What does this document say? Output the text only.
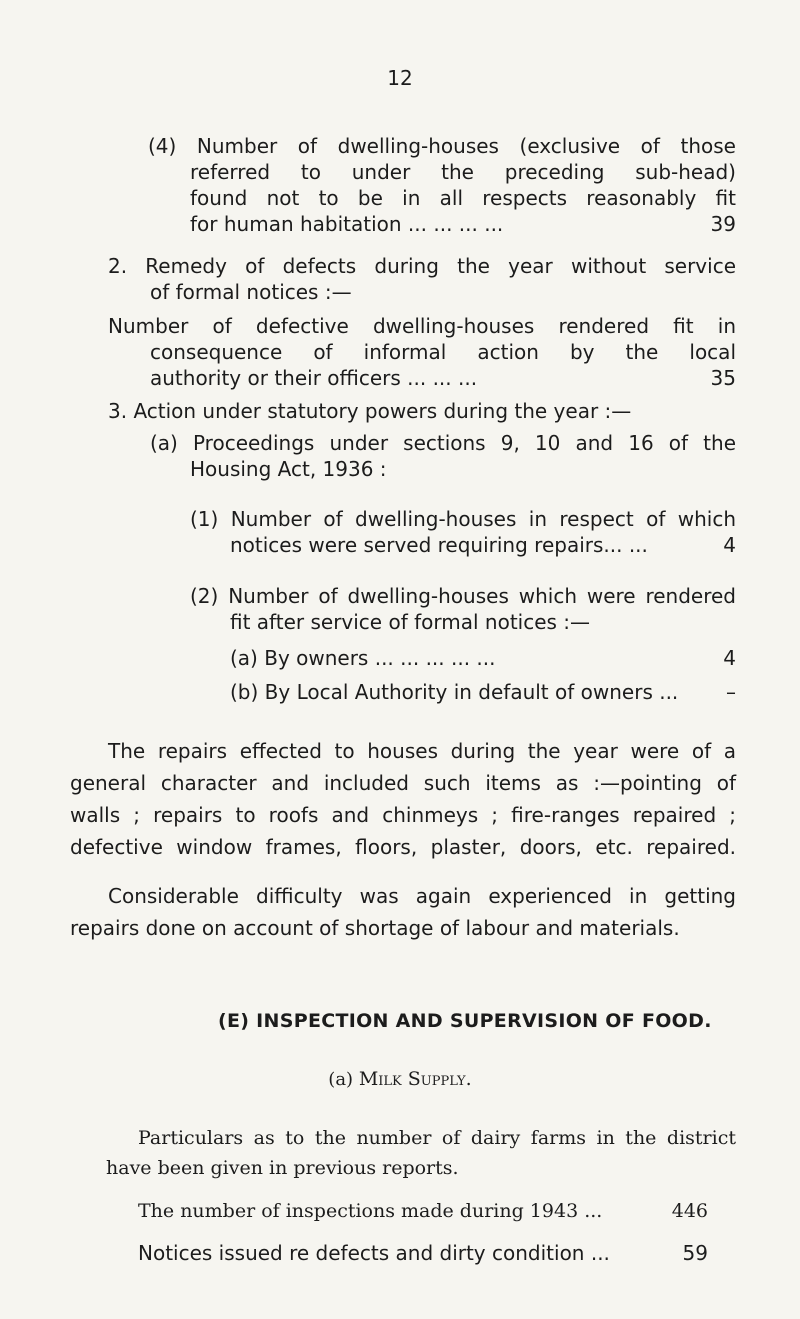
12
(4) Number of dwelling-houses (exclusive of those
referred to under the preceding sub-head)
found not to be in all respects reasonably fit
for human habitation ... ... ... ...	39
2. Remedy of defects during the year without service
of formal notices :—
Number of defective dwelling-houses rendered fit in
consequence of informal action by the local
authority or their officers ... ... ...	35
3. Action under statutory powers during the year :—
(a) Proceedings under sections 9, 10 and 16 of the
Housing Act, 1936 :
(1) Number of dwelling-houses in respect of which
notices were served requiring repairs... ...	4
(2) Number of dwelling-houses which were rendered
fit after service of formal notices :—
(a) By owners ... ... ... ... ...	4
(b) By Local Authority in default of owners ...	–
The repairs effected to houses during the year were of a
general character and included such items as :—pointing of
walls ; repairs to roofs and chinmeys ; fire-ranges repaired ;
defective window frames, floors, plaster, doors, etc. repaired.
Considerable difficulty was again experienced in getting
repairs done on account of shortage of labour and materials.
(E) INSPECTION AND SUPERVISION OF FOOD.
(a) Milk Supply.
Particulars as to the number of dairy farms in the district
have been given in previous reports.
The number of inspections made during 1943 ...	446
Notices issued re defects and dirty condition ...	59
